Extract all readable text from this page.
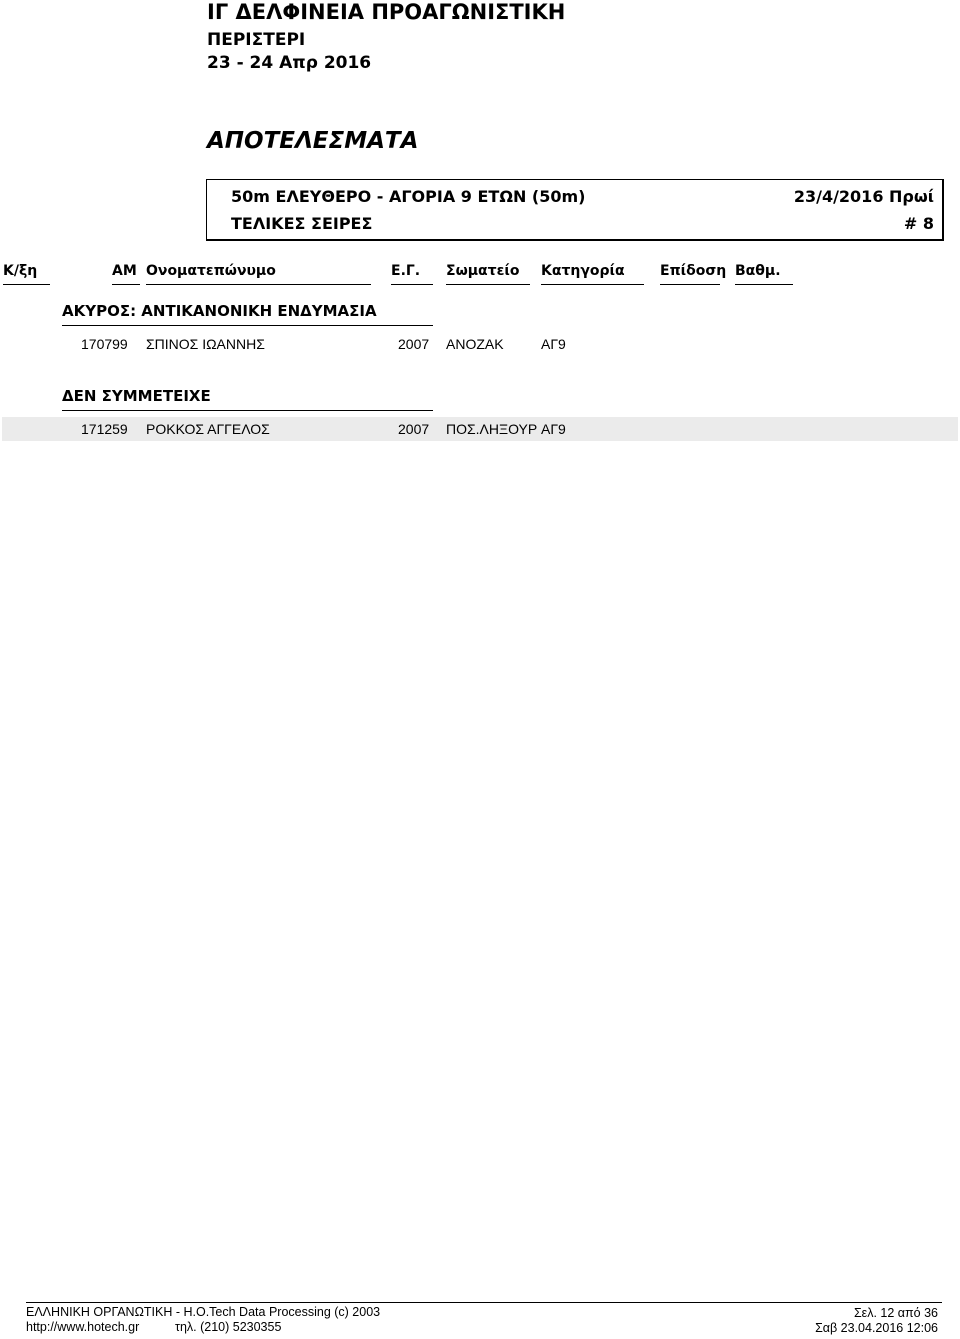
ΙΓ ΔΕΛΦΙΝΕΙΑ ΠΡΟΑΓΩΝΙΣΤΙΚΗ
ΠΕΡΙΣΤΕΡΙ
23 - 24 Απρ 2016
ΑΠΟΤΕΛΕΣΜΑΤΑ
50m ΕΛΕΥΘΕΡΟ - ΑΓΟΡΙΑ 9 ΕΤΩΝ (50m)	23/4/2016 Πρωί
ΤΕΛΙΚΕΣ ΣΕΙΡΕΣ	# 8
Κ/ξη	ΑΜ Ονοματεπώνυμο	Ε.Γ.	Σωματείο	Κατηγορία	Επίδοση Βαθμ.
ΑΚΥΡΟΣ: ΑΝΤΙΚΑΝΟΝΙΚΗ ΕΝΔΥΜΑΣΙΑ
170799 ΣΠΙΝΟΣ ΙΩΑΝΝΗΣ	2007 ΑΝΟΖΑΚ	ΑΓ9
ΔΕΝ ΣΥΜΜΕΤΕΙΧΕ
171259 ΡΟΚΚΟΣ ΑΓΓΕΛΟΣ	2007 ΠΟΣ.ΛΗΞΟΥΡ ΑΓ9
ΕΛΛΗΝΙΚΗ ΟΡΓΑΝΩΤΙΚΗ - Η.Ο.Tech Data Processing (c) 2003
http://www.hotech.gr	τηλ. (210) 5230355
Σελ. 12 από 36
Σαβ 23.04.2016 12:06
